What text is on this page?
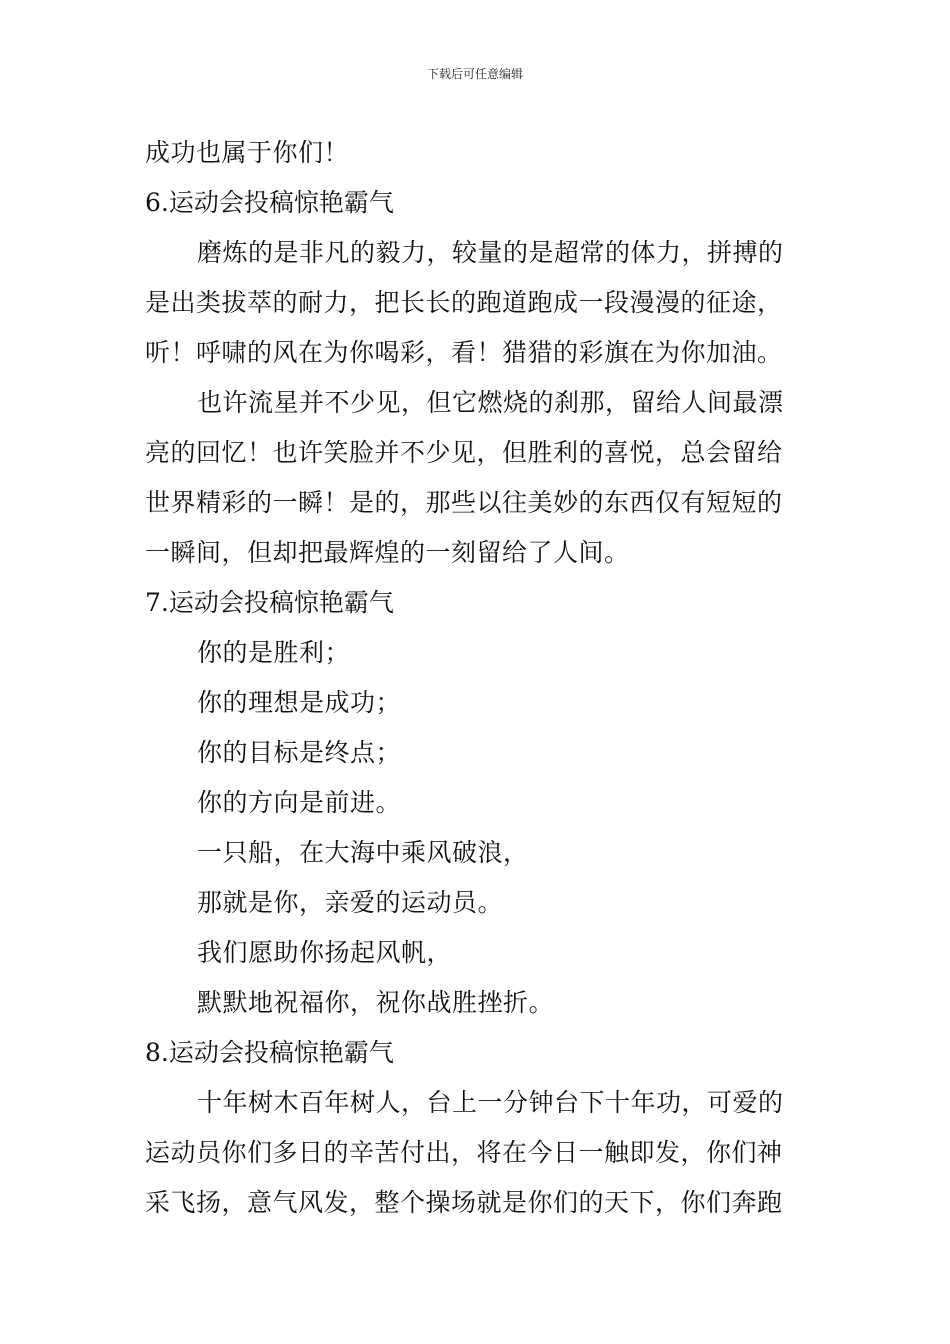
下载后可任意编辑
成功也属于你们！
6.运动会投稿惊艳霸气
磨炼的是非凡的毅力，较量的是超常的体力，拼搏的
是出类拔萃的耐力，把长长的跑道跑成一段漫漫的征途，
听！呼啸的风在为你喝彩，看！猎猎的彩旗在为你加油。
也许流星并不少见，但它燃烧的刹那，留给人间最漂
亮的回忆！也许笑脸并不少见，但胜利的喜悦，总会留给
世界精彩的一瞬！是的，那些以往美妙的东西仅有短短的
一瞬间，但却把最辉煌的一刻留给了人间。
7.运动会投稿惊艳霸气
你的是胜利；
你的理想是成功；
你的目标是终点；
你的方向是前进。
一只船，在大海中乘风破浪，
那就是你，亲爱的运动员。
我们愿助你扬起风帆，
默默地祝福你，祝你战胜挫折。
8.运动会投稿惊艳霸气
十年树木百年树人，台上一分钟台下十年功，可爱的
运动员你们多日的辛苦付出，将在今日一触即发，你们神
采飞扬，意气风发，整个操场就是你们的天下，你们奔跑
